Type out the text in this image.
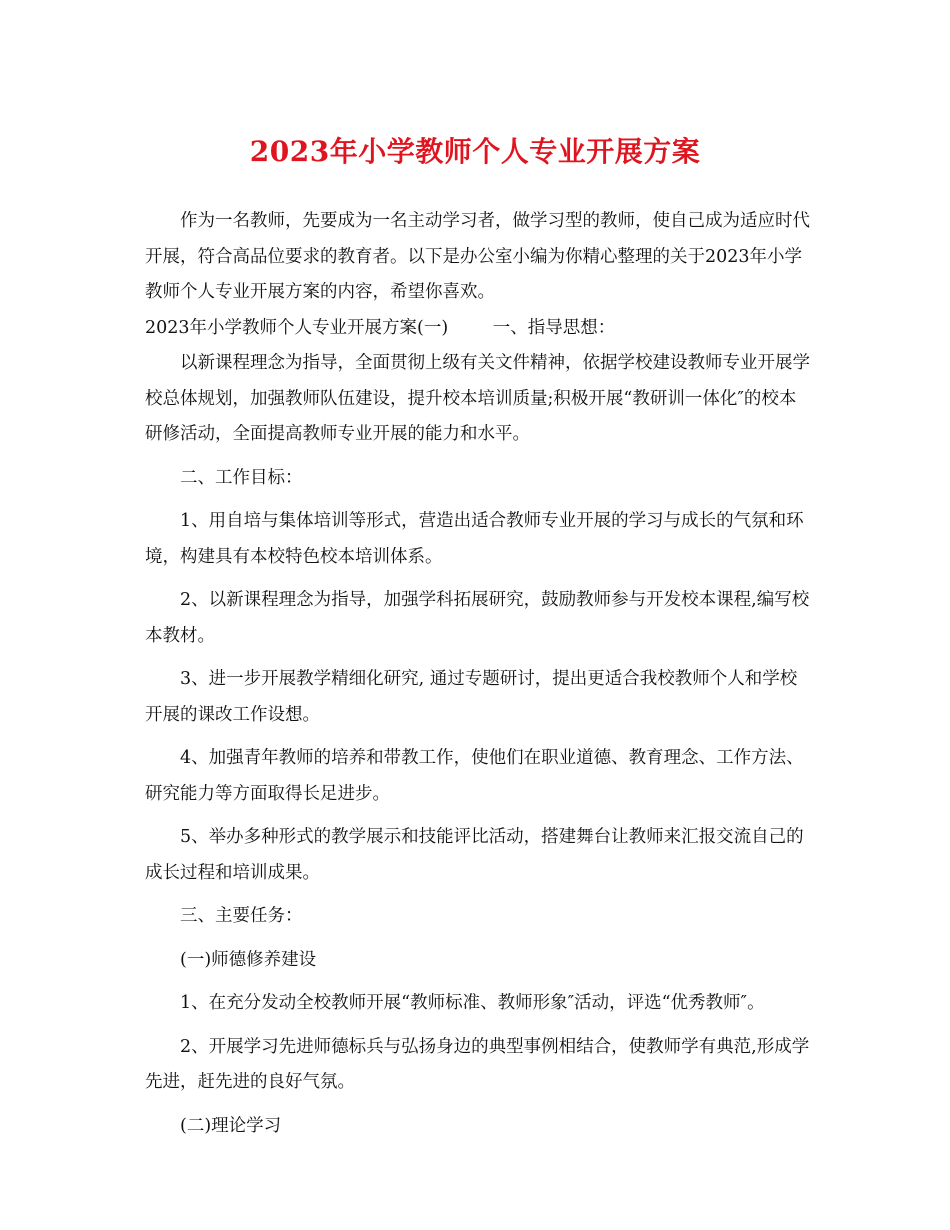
2023年小学教师个人专业开展方案

作为一名教师，先要成为一名主动学习者，做学习型的教师，使自己成为适应时代开展，符合高品位要求的教育者。以下是办公室小编为你精心整理的关于2023年小学教师个人专业开展方案的内容，希望你喜欢。

2023年小学教师个人专业开展方案(一)	一、指导思想：

以新课程理念为指导，全面贯彻上级有关文件精神，依据学校建设教师专业开展学校总体规划，加强教师队伍建设，提升校本培训质量;积极开展“教研训一体化″的校本研修活动，全面提高教师专业开展的能力和水平。

二、工作目标：

1、用自培与集体培训等形式，营造出适合教师专业开展的学习与成长的气氛和环境，构建具有本校特色校本培训体系。

2、以新课程理念为指导，加强学科拓展研究，鼓励教师参与开发校本课程,编写校本教材。

3、进一步开展教学精细化研究, 通过专题研讨，提出更适合我校教师个人和学校开展的课改工作设想。

4、加强青年教师的培养和带教工作，使他们在职业道德、教育理念、工作方法、研究能力等方面取得长足进步。

5、举办多种形式的教学展示和技能评比活动，搭建舞台让教师来汇报交流自己的成长过程和培训成果。

三、主要任务：

(一)师德修养建设

1、在充分发动全校教师开展“教师标准、教师形象″活动，评选“优秀教师″。

2、开展学习先进师德标兵与弘扬身边的典型事例相结合，使教师学有典范,形成学先进，赶先进的良好气氛。

(二)理论学习
